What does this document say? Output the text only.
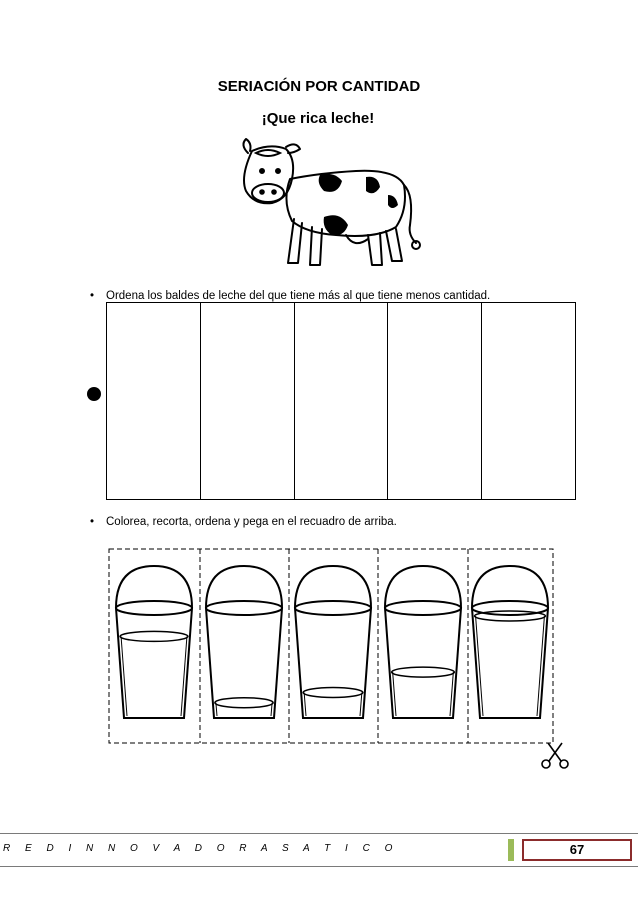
SERIACIÓN POR CANTIDAD
¡Que rica leche!
• Ordena los baldes de leche del que tiene más al que tiene menos cantidad.
• Colorea, recorta, ordena y pega en el recuadro de arriba.
R E D I N N O V A D O R A S A T I C O	67
